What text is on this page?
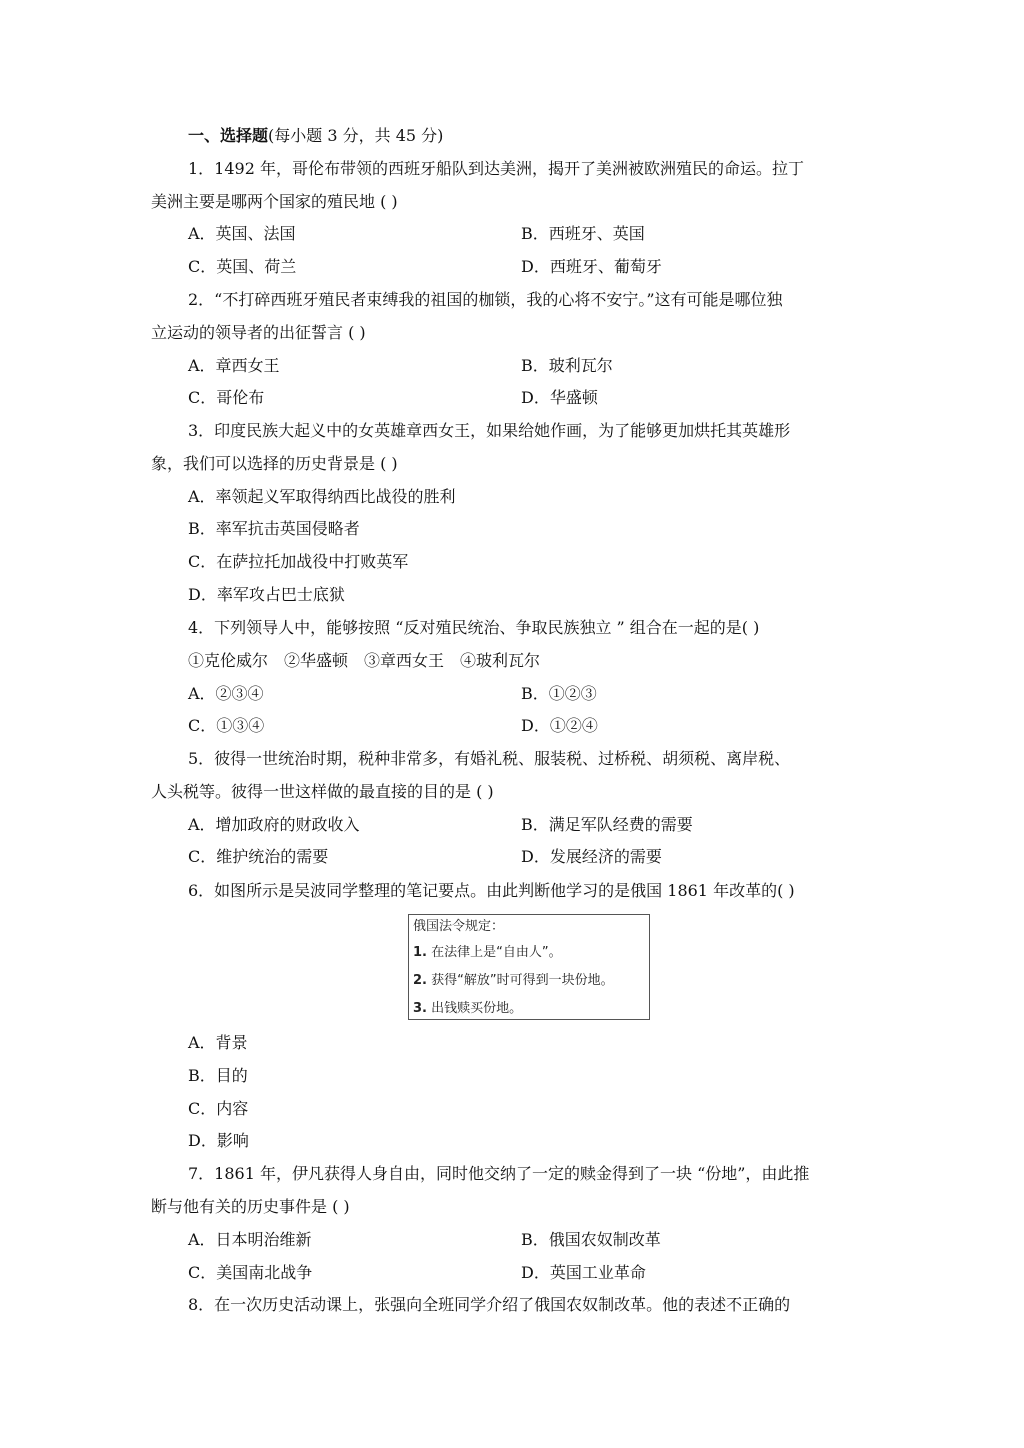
一、选择题(每小题 3 分，共 45 分)
1．1492 年，哥伦布带领的西班牙船队到达美洲，揭开了美洲被欧洲殖民的命运。拉丁
美洲主要是哪两个国家的殖民地 ( )
A．英国、法国	B．西班牙、英国
C．英国、荷兰	D．西班牙、葡萄牙
2．“不打碎西班牙殖民者束缚我的祖国的枷锁，我的心将不安宁。”这有可能是哪位独
立运动的领导者的出征誓言 ( )
A．章西女王	B．玻利瓦尔
C．哥伦布	D．华盛顿
3．印度民族大起义中的女英雄章西女王，如果给她作画，为了能够更加烘托其英雄形
象，我们可以选择的历史背景是 ( )
A．率领起义军取得纳西比战役的胜利
B．率军抗击英国侵略者
C．在萨拉托加战役中打败英军
D．率军攻占巴士底狱
4．下列领导人中，能够按照 “反对殖民统治、争取民族独立 ” 组合在一起的是( )
①克伦威尔　②华盛顿　③章西女王　④玻利瓦尔
A．②③④	B．①②③
C．①③④	D．①②④
5．彼得一世统治时期，税种非常多，有婚礼税、服装税、过桥税、胡须税、离岸税、
人头税等。彼得一世这样做的最直接的目的是 ( )
A．增加政府的财政收入	B．满足军队经费的需要
C．维护统治的需要	D．发展经济的需要
6．如图所示是吴波同学整理的笔记要点。由此判断他学习的是俄国 1861 年改革的( )
俄国法令规定：
1. 在法律上是“自由人”。
2. 获得“解放”时可得到一块份地。
3. 出钱赎买份地。
A．背景
B．目的
C．内容
D．影响
7．1861 年，伊凡获得人身自由，同时他交纳了一定的赎金得到了一块 “份地”，由此推
断与他有关的历史事件是 ( )
A．日本明治维新	B．俄国农奴制改革
C．美国南北战争	D．英国工业革命
8．在一次历史活动课上，张强向全班同学介绍了俄国农奴制改革。他的表述不正确的
